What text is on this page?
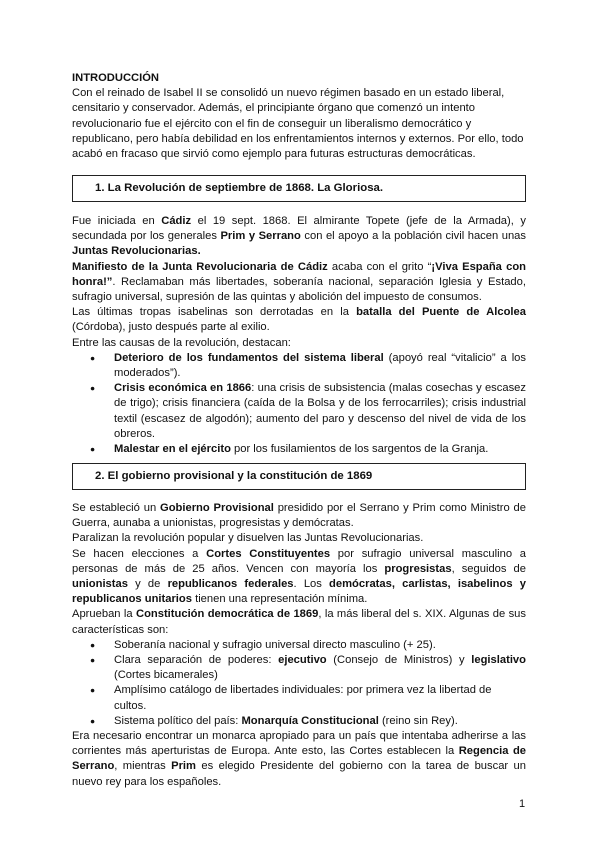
INTRODUCCIÓN
Con el reinado de Isabel II se consolidó un nuevo régimen basado en un estado liberal,
censitario y conservador. Además, el principiante órgano que comenzó un intento
revolucionario fue el ejército con el fin de conseguir un liberalismo democrático y
republicano, pero había debilidad en los enfrentamientos internos y externos. Por ello, todo
acabó en fracaso que sirvió como ejemplo para futuras estructuras democráticas.
1. La Revolución de septiembre de 1868. La Gloriosa.

Fue iniciada en Cádiz el 19 sept. 1868. El almirante Topete (jefe de la Armada), y secundada por los generales Prim y Serrano con el apoyo a la población civil hacen unas Juntas Revolucionarias.

Manifiesto de la Junta Revolucionaria de Cádiz acaba con el grito “¡Viva España con honra!”. Reclamaban más libertades, soberanía nacional, separación Iglesia y Estado, sufragio universal, supresión de las quintas y abolición del impuesto de consumos.

Las últimas tropas isabelinas son derrotadas en la batalla del Puente de Alcolea (Córdoba), justo después parte al exilio.

Entre las causas de la revolución, destacan:

● Deterioro de los fundamentos del sistema liberal (apoyó real “vitalicio” a los moderados”).
● Crisis económica en 1866: una crisis de subsistencia (malas cosechas y escasez de trigo); crisis financiera (caída de la Bolsa y de los ferrocarriles); crisis industrial textil (escasez de algodón); aumento del paro y descenso del nivel de vida de los obreros.
● Malestar en el ejército por los fusilamientos de los sargentos de la Granja.
2. El gobierno provisional y la constitución de 1869

Se estableció un Gobierno Provisional presidido por el Serrano y Prim como Ministro de Guerra, aunaba a unionistas, progresistas y demócratas.

Paralizan la revolución popular y disuelven las Juntas Revolucionarias.

Se hacen elecciones a Cortes Constituyentes por sufragio universal masculino a personas de más de 25 años. Vencen con mayoría los progresistas, seguidos de unionistas y de republicanos federales. Los demócratas, carlistas, isabelinos y republicanos unitarios tienen una representación mínima.

Aprueban la Constitución democrática de 1869, la más liberal del s. XIX. Algunas de sus características son:

● Soberanía nacional y sufragio universal directo masculino (+ 25).
● Clara separación de poderes: ejecutivo (Consejo de Ministros) y legislativo (Cortes bicamerales)
● Amplísimo catálogo de libertades individuales: por primera vez la libertad de cultos.
● Sistema político del país: Monarquía Constitucional (reino sin Rey).

Era necesario encontrar un monarca apropiado para un país que intentaba adherirse a las corrientes más aperturistas de Europa. Ante esto, las Cortes establecen la Regencia de Serrano, mientras Prim es elegido Presidente del gobierno con la tarea de buscar un nuevo rey para los españoles.

1
